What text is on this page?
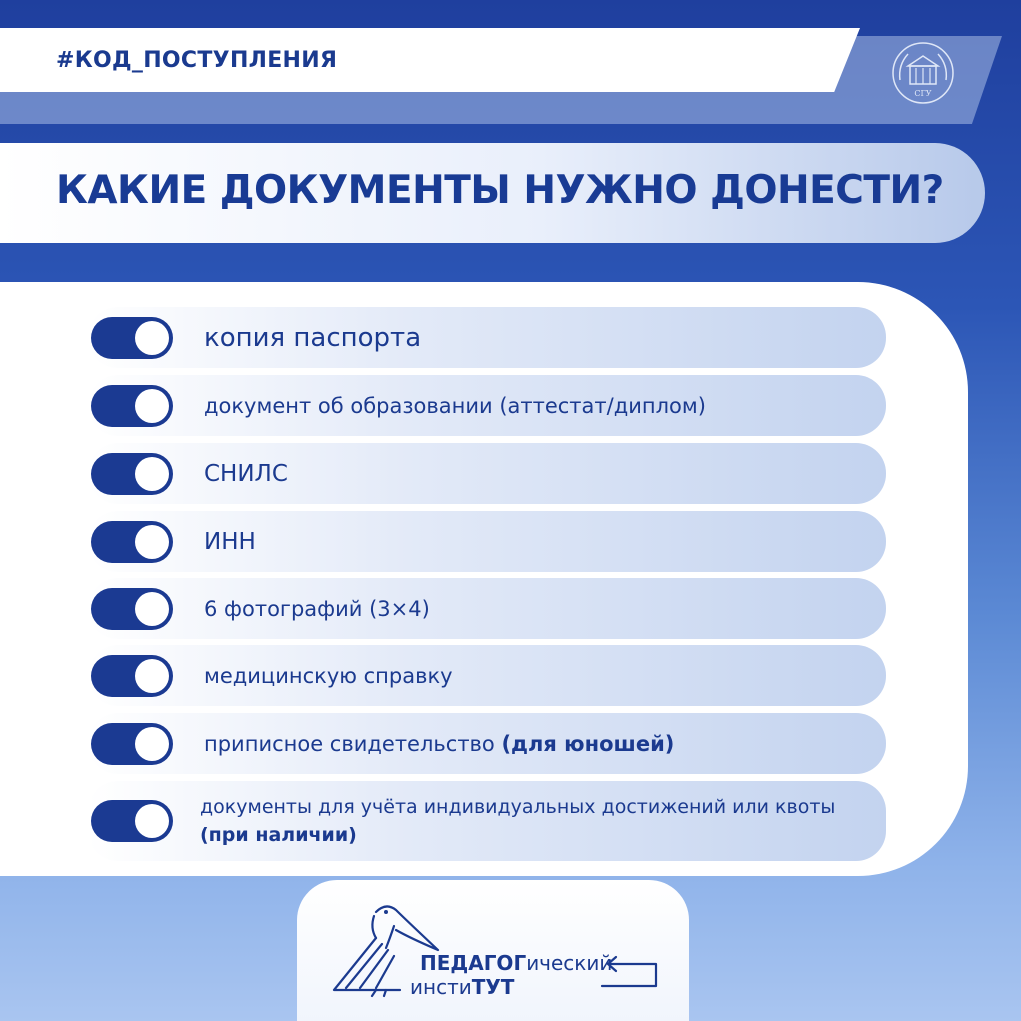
#КОД_ПОСТУПЛЕНИЯ
СГУ
КАКИЕ ДОКУМЕНТЫ НУЖНО ДОНЕСТИ?
копия паспорта
документ об образовании (аттестат/диплом)
СНИЛС
ИНН
6 фотографий (3×4)
медицинскую справку
приписное свидетельство (для юношей)
документы для учёта индивидуальных достижений или квоты (при наличии)
ПЕДАГОГический
инстиТУТ
